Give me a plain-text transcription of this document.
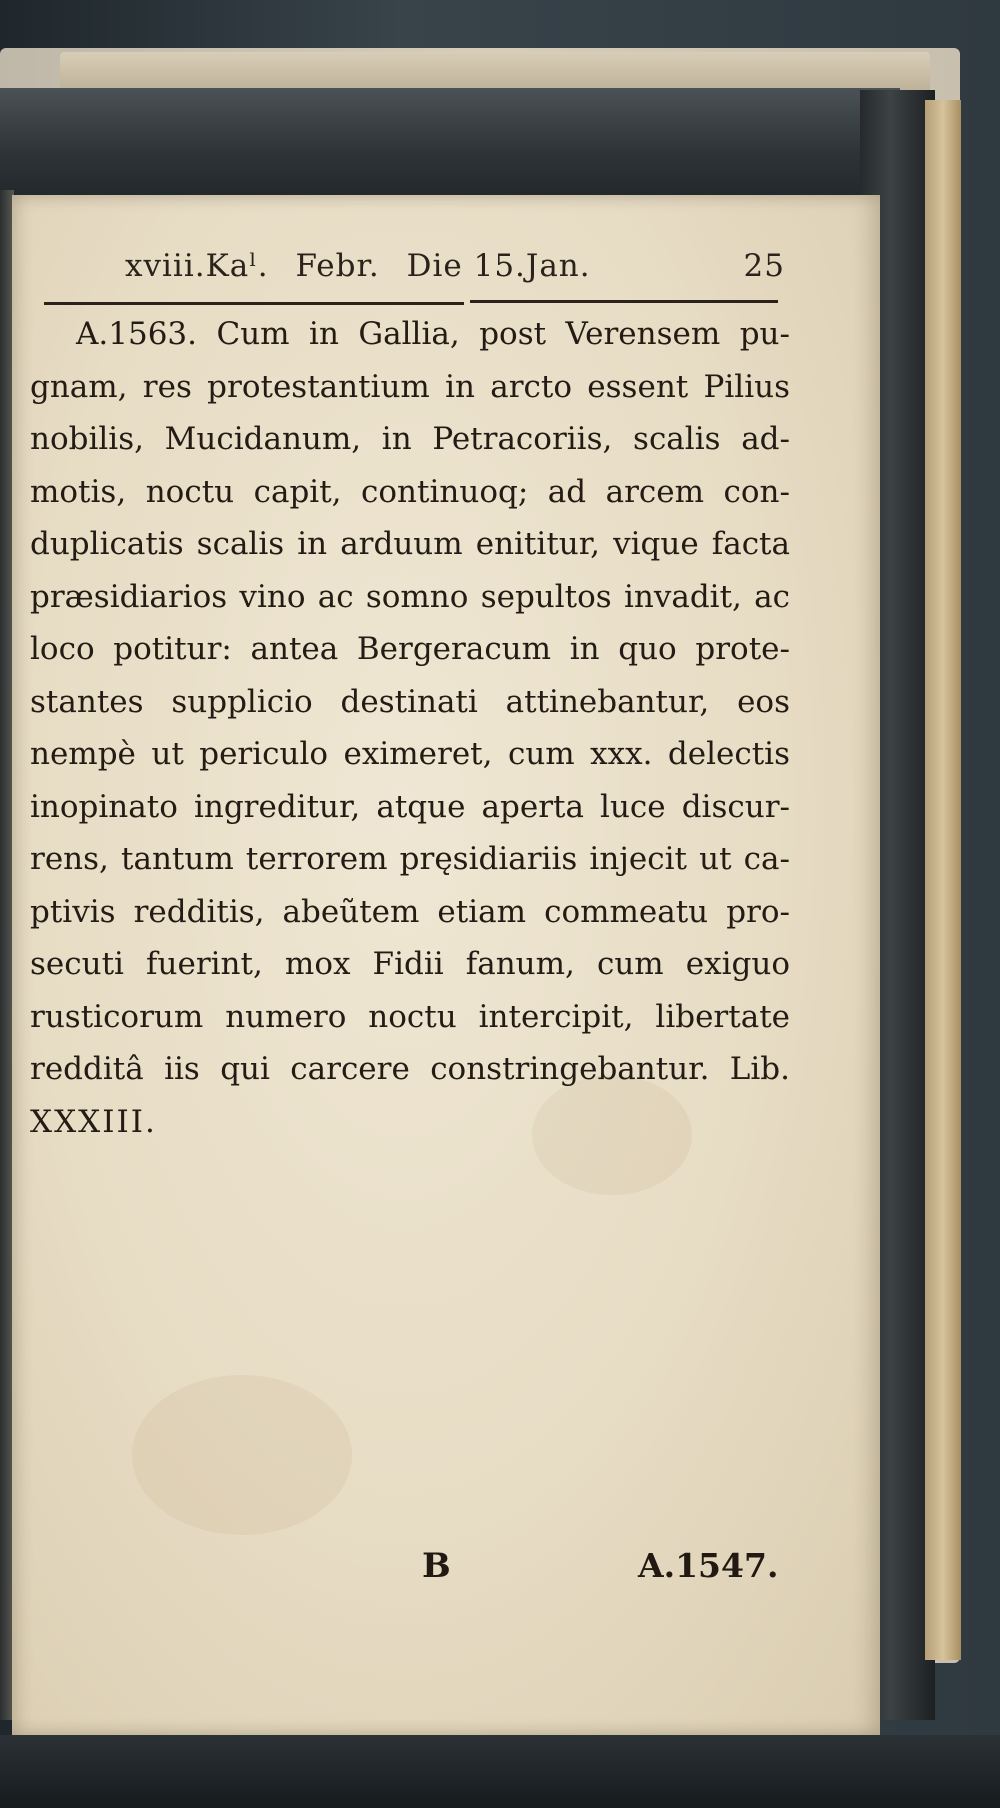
xviii.Kaˡ. Febr. Die 15.Jan.	25
A.1563. Cum in Gallia, post Verensem pu-
gnam, res protestantium in arcto essent Pilius
nobilis, Mucidanum, in Petracoriis, scalis ad-
motis, noctu capit, continuoq; ad arcem con-
duplicatis scalis in arduum enititur, vique facta
præsidiarios vino ac somno sepultos invadit, ac
loco potitur: antea Bergeracum in quo prote-
stantes supplicio destinati attinebantur, eos
nempè ut periculo eximeret, cum xxx. delectis
inopinato ingreditur, atque aperta luce discur-
rens, tantum terrorem pręsidiariis injecit ut ca-
ptivis redditis, abeũtem etiam commeatu pro-
secuti fuerint, mox Fidii fanum, cum exiguo
rusticorum numero noctu intercipit, libertate
redditâ iis qui carcere constringebantur. Lib.
XXXIII.
B	A.1547.
